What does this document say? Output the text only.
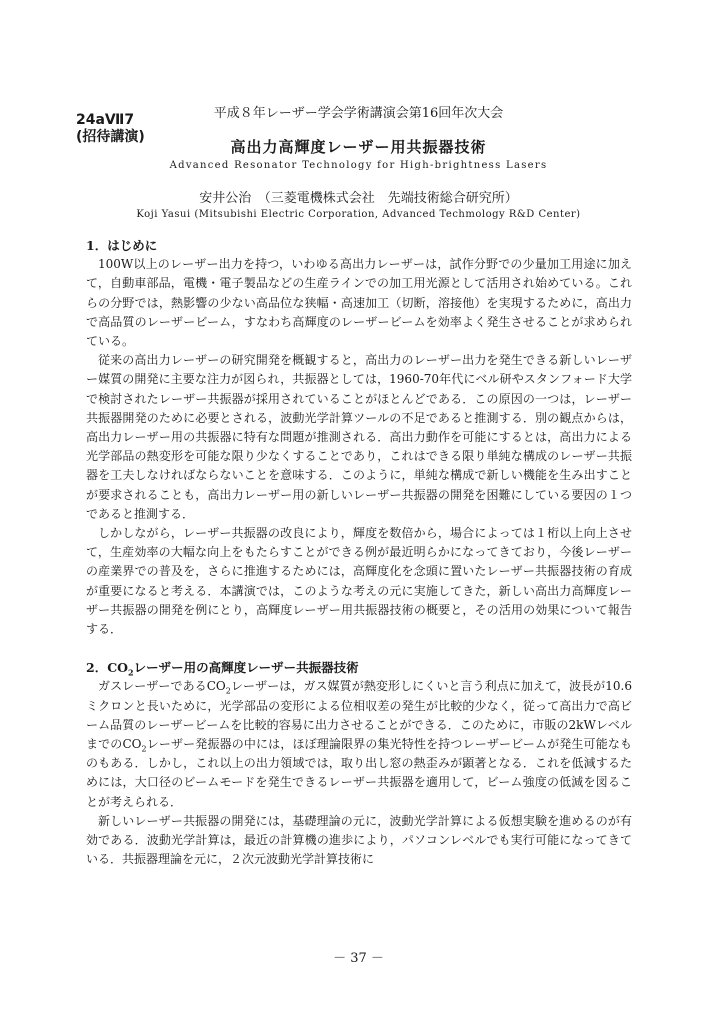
平成８年レーザー学会学術講演会第16回年次大会
24aⅦ7
(招待講演)
高出力高輝度レーザー用共振器技術
Advanced Resonator Technology for High-brightness Lasers
安井公治　（三菱電機株式会社　先端技術総合研究所）
Koji Yasui (Mitsubishi Electric Corporation, Advanced Techmology R&D Center)

1．はじめに

100W以上のレーザー出力を持つ，いわゆる高出力レーザーは，試作分野での少量加工用途に加えて，自動車部品，電機・電子製品などの生産ラインでの加工用光源として活用され始めている。これらの分野では，熱影響の少ない高品位な狭幅・高速加工（切断，溶接他）を実現するために，高出力で高品質のレーザービーム，すなわち高輝度のレーザービームを効率よく発生させることが求められている。

従来の高出力レーザーの研究開発を概観すると，高出力のレーザー出力を発生できる新しいレーザー媒質の開発に主要な注力が図られ，共振器としては，1960-70年代にベル研やスタンフォード大学で検討されたレーザー共振器が採用されていることがほとんどである．この原因の一つは，レーザー共振器開発のために必要とされる，波動光学計算ツールの不足であると推測する．別の観点からは，高出力レーザー用の共振器に特有な問題が推測される．高出力動作を可能にするとは，高出力による光学部品の熱変形を可能な限り少なくすることであり，これはできる限り単純な構成のレーザー共振器を工夫しなければならないことを意味する．このように，単純な構成で新しい機能を生み出すことが要求されることも，高出力レーザー用の新しいレーザー共振器の開発を困難にしている要因の１つであると推測する．

しかしながら，レーザー共振器の改良により，輝度を数倍から，場合によっては１桁以上向上させて，生産効率の大幅な向上をもたらすことができる例が最近明らかになってきており，今後レーザーの産業界での普及を，さらに推進するためには，高輝度化を念頭に置いたレーザー共振器技術の育成が重要になると考える．本講演では，このような考えの元に実施してきた，新しい高出力高輝度レーザー共振器の開発を例にとり，高輝度レーザー用共振器技術の概要と，その活用の効果について報告する．

2．$CO_2$レーザー用の高輝度レーザー共振器技術

ガスレーザーである$CO_2$レーザーは，ガス媒質が熱変形しにくいと言う利点に加えて，波長が10.6ミクロンと長いために，光学部品の変形による位相収差の発生が比較的少なく，従って高出力で高ビーム品質のレーザービームを比較的容易に出力させることができる．このために，市販の2kWレベルまでの$CO_2$レーザー発振器の中には，ほぼ理論限界の集光特性を持つレーザービームが発生可能なものもある．しかし，これ以上の出力領域では，取り出し窓の熱歪みが顕著となる．これを低減するためには，大口径のビームモードを発生できるレーザー共振器を適用して，ビーム強度の低減を図ることが考えられる．

新しいレーザー共振器の開発には，基礎理論の元に，波動光学計算による仮想実験を進めるのが有効である．波動光学計算は，最近の計算機の進歩により，パソコンレベルでも実行可能になってきている．共振器理論を元に，２次元波動光学計算技術に

－ 37 －
